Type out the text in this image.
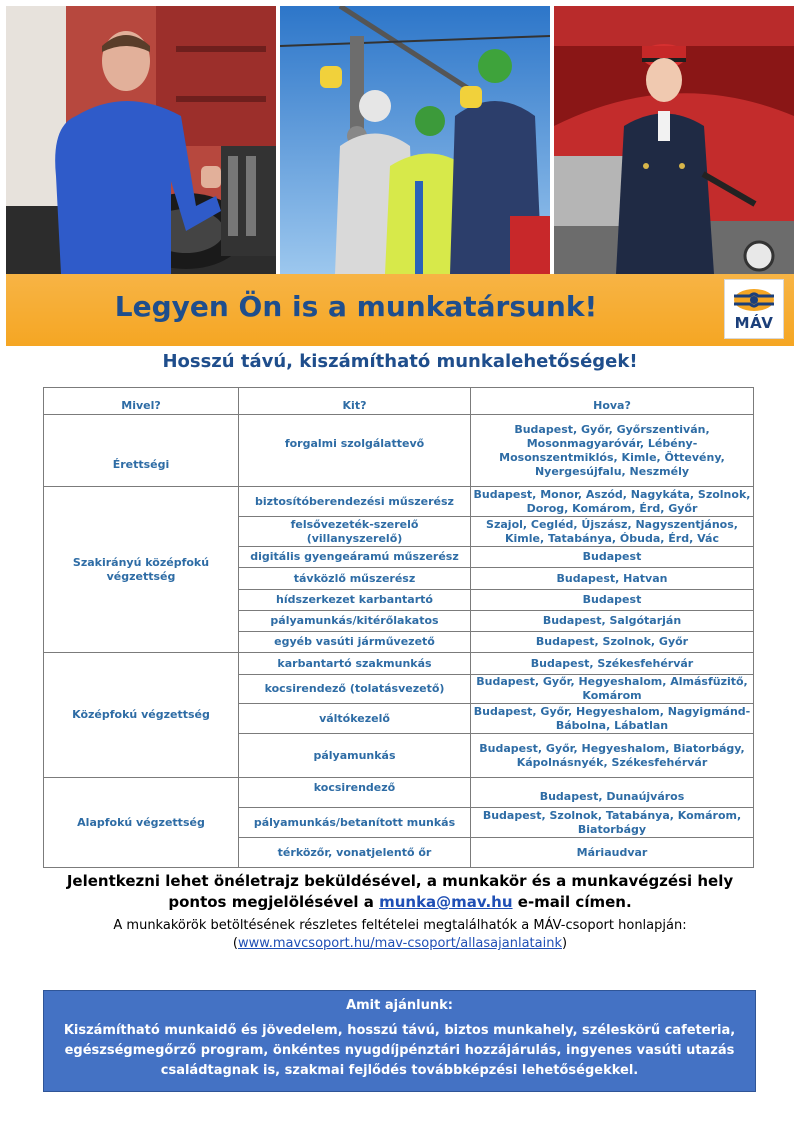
Legyen Ön is a munkatársunk!	MÁV
Hosszú távú, kiszámítható munkalehetőségek!
Mivel?	Kit?	Hova?
Érettségi	forgalmi szolgálattevő	Budapest, Győr, Győrszentiván, Mosonmagyaróvár, Lébény-Mosonszentmiklós, Kimle, Öttevény, Nyergesújfalu, Neszmély
Szakirányú középfokú végzettség	biztosítóberendezési műszerész	Budapest, Monor, Aszód, Nagykáta, Szolnok, Dorog, Komárom, Érd, Győr
	felsővezeték-szerelő (villanyszerelő)	Szajol, Cegléd, Újszász, Nagyszentjános, Kimle, Tatabánya, Óbuda, Érd, Vác
	digitális gyengeáramú műszerész	Budapest
	távközlő műszerész	Budapest, Hatvan
	hídszerkezet karbantartó	Budapest
	pályamunkás/kitérőlakatos	Budapest, Salgótarján
	egyéb vasúti járművezető	Budapest, Szolnok, Győr
Középfokú végzettség	karbantartó szakmunkás	Budapest, Székesfehérvár
	kocsirendező (tolatásvezető)	Budapest, Győr, Hegyeshalom, Almásfüzitő, Komárom
	váltókezelő	Budapest, Győr, Hegyeshalom, Nagyigmánd-Bábolna, Lábatlan
	pályamunkás	Budapest, Győr, Hegyeshalom, Biatorbágy, Kápolnásnyék, Székesfehérvár
Alapfokú végzettség	kocsirendező	Budapest, Dunaújváros
	pályamunkás/betanított munkás	Budapest, Szolnok, Tatabánya, Komárom, Biatorbágy
	térközőr, vonatjelentő őr	Máriaudvar
Jelentkezni lehet önéletrajz beküldésével, a munkakör és a munkavégzési hely
pontos megjelölésével a munka@mav.hu e-mail címen.
A munkakörök betöltésének részletes feltételei megtalálhatók a MÁV-csoport honlapján:
(www.mavcsoport.hu/mav-csoport/allasajanlataink)
Amit ajánlunk:
Kiszámítható munkaidő és jövedelem, hosszú távú, biztos munkahely, széleskörű cafeteria, egészségmegőrző program, önkéntes nyugdíjpénztári hozzájárulás, ingyenes vasúti utazás családtagnak is, szakmai fejlődés továbbképzési lehetőségekkel.
